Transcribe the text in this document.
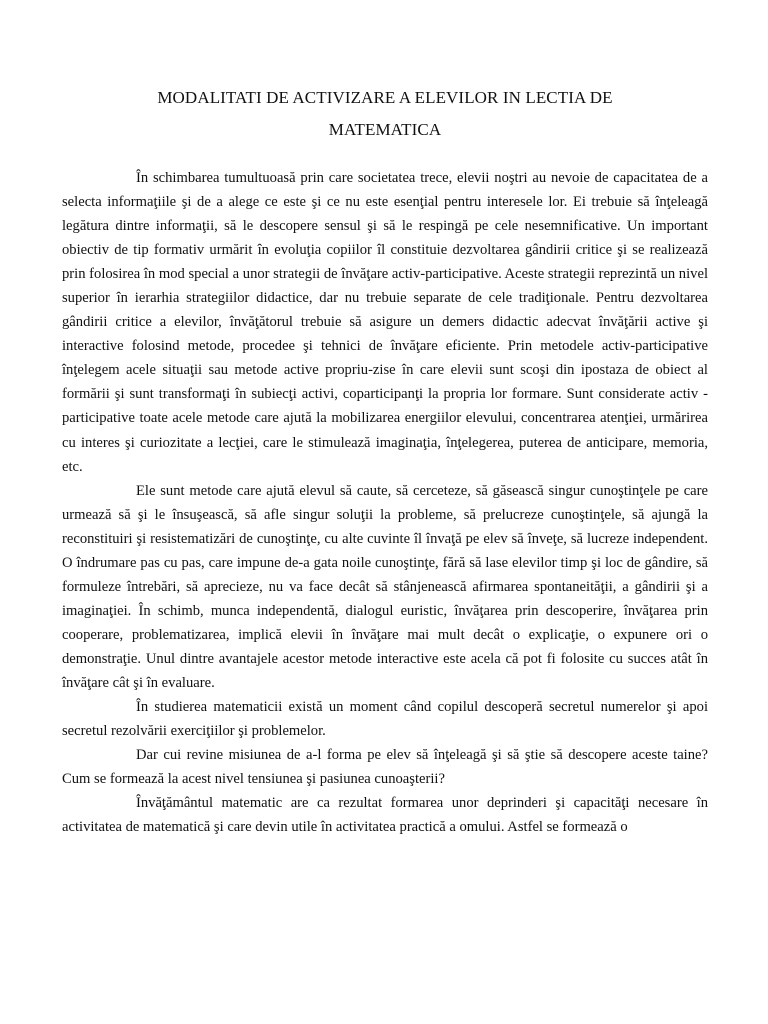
MODALITATI DE ACTIVIZARE A ELEVILOR IN LECTIA DE
MATEMATICA

În schimbarea tumultuoasă prin care societatea trece, elevii noştri au nevoie de capacitatea de a selecta informaţiile şi de a alege ce este şi ce nu este esenţial pentru interesele lor. Ei trebuie să înţeleagă legătura dintre informaţii, să le descopere sensul şi să le respingă pe cele nesemnificative. Un important obiectiv de tip formativ urmărit în evoluţia copiilor îl constituie dezvoltarea gândirii critice şi se realizează prin folosirea în mod special a unor strategii de învăţare activ-participative. Aceste strategii reprezintă un nivel superior în ierarhia strategiilor didactice, dar nu trebuie separate de cele tradiţionale. Pentru dezvoltarea gândirii critice a elevilor, învăţătorul trebuie să asigure un demers didactic adecvat învăţării active şi interactive folosind metode, procedee şi tehnici de învăţare eficiente. Prin metodele activ-participative înţelegem acele situaţii sau metode active propriu-zise în care elevii sunt scoşi din ipostaza de obiect al formării şi sunt transformaţi în subiecţi activi, coparticipanţi la propria lor formare. Sunt considerate activ - participative toate acele metode care ajută la mobilizarea energiilor elevului, concentrarea atenţiei, urmărirea cu interes şi curiozitate a lecţiei, care le stimulează imaginaţia, înţelegerea, puterea de anticipare, memoria, etc.

Ele sunt metode care ajută elevul să caute, să cerceteze, să găsească singur cunoştinţele pe care urmează să şi le însuşească, să afle singur soluţii la probleme, să prelucreze cunoştinţele, să ajungă la reconstituiri şi resistematizări de cunoştinţe, cu alte cuvinte îl învaţă pe elev să înveţe, să lucreze independent. O îndrumare pas cu pas, care impune de-a gata noile cunoştinţe, fără să lase elevilor timp şi loc de gândire, să formuleze întrebări, să aprecieze, nu va face decât să stânjenească afirmarea spontaneităţii, a gândirii şi a imaginaţiei. În schimb, munca independentă, dialogul euristic, învăţarea prin descoperire, învăţarea prin cooperare, problematizarea, implică elevii în învăţare mai mult decât o explicaţie, o expunere ori o demonstraţie. Unul dintre avantajele acestor metode interactive este acela că pot fi folosite cu succes atât în învăţare cât şi în evaluare.

În studierea matematicii există un moment când copilul descoperă secretul numerelor şi apoi secretul rezolvării exerciţiilor şi problemelor.

Dar cui revine misiunea de a-l forma pe elev să înţeleagă şi să ştie să descopere aceste taine? Cum se formează la acest nivel tensiunea şi pasiunea cunoaşterii?

Învăţământul matematic are ca rezultat formarea unor deprinderi şi capacităţi necesare în activitatea de matematică şi care devin utile în activitatea practică a omului. Astfel se formează o
